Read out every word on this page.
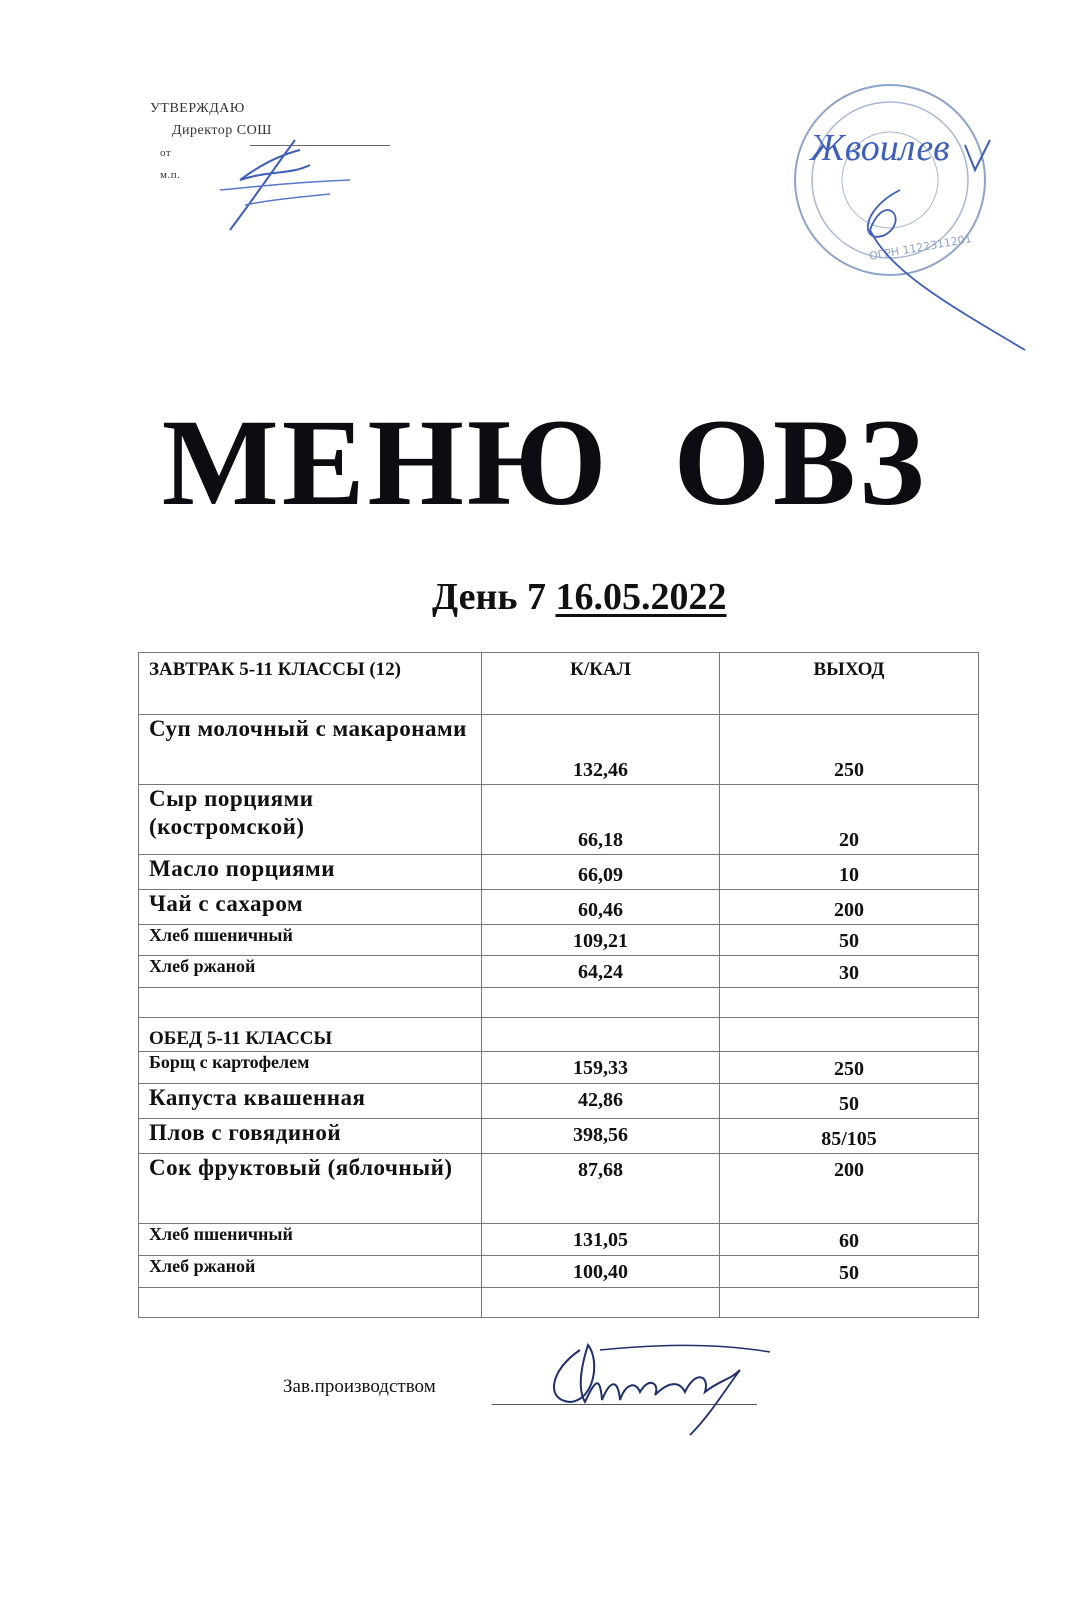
УТВЕРЖДАЮ
Директор СОШ
от
м.п.
ОГРН 1122311201
Жвоилев
МЕНЮ ОВЗ
День 7 16.05.2022
ЗАВТРАК 5-11 КЛАССЫ (12)	К/КАЛ	ВЫХОД
Суп молочный с макаронами	132,46	250
Сыр порциями (костромской)	66,18	20
Масло порциями	66,09	10
Чай с сахаром	60,46	200
Хлеб пшеничный	109,21	50
Хлеб ржаной	64,24	30

ОБЕД 5-11 КЛАССЫ		
Борщ с картофелем	159,33	250
Капуста квашенная	42,86	50
Плов с говядиной	398,56	85/105
Сок фруктовый (яблочный)	87,68	200
Хлеб пшеничный	131,05	60
Хлеб ржаной	100,40	50

Зав.производством
